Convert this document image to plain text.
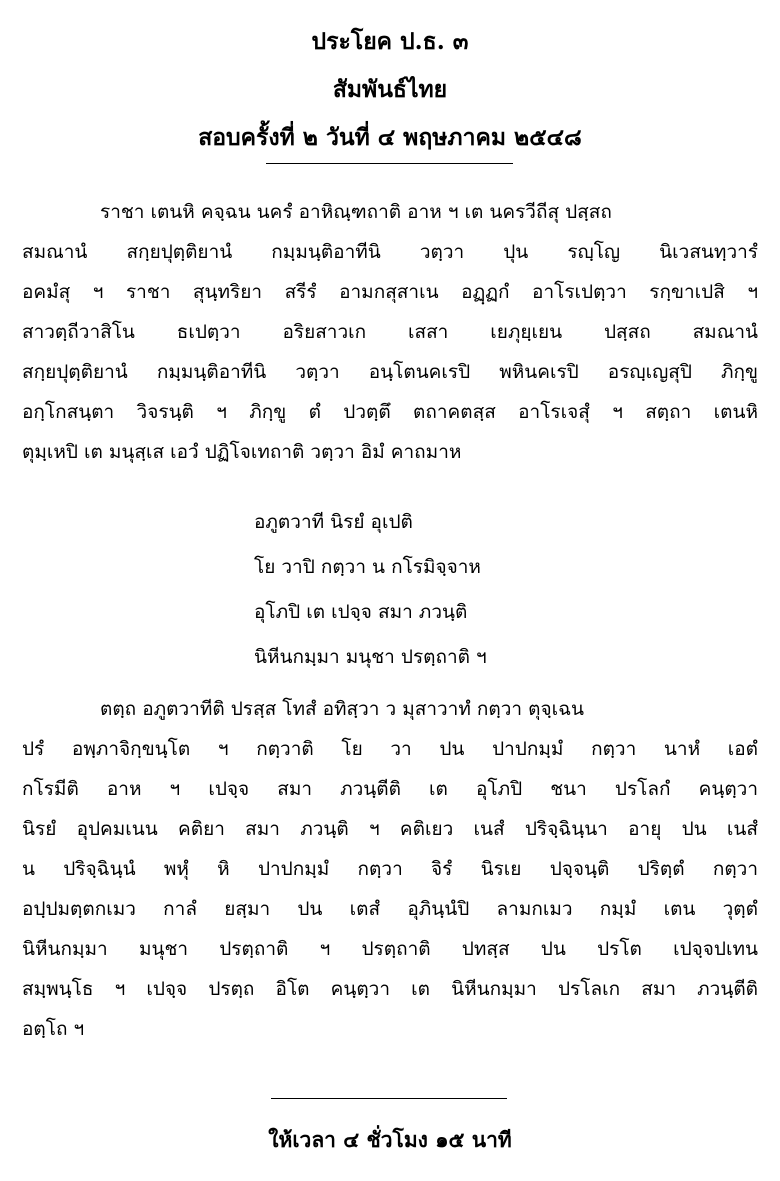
ประโยค ป.ธ. ๓
สัมพันธ์ไทย
สอบครั้งที่ ๒ วันที่ ๔ พฤษภาคม ๒๕๔๘
ราชา เตนหิ คจฺฉน นครํ อาหิณฺฑถาติ อาห ฯ เต นครวีถีสุ ปสฺสถ
สมณานํ สกฺยปุตฺติยานํ กมฺมนฺติอาทีนิ วตฺวา ปุน รญฺโญ นิเวสนทฺวารํ
อคมํสุ ฯ ราชา สุนฺทริยา สรีรํ อามกสุสาเน อฏฺฏกํ อาโรเปตฺวา รกฺขาเปสิ ฯ
สาวตฺถีวาสิโน ธเปตฺวา อริยสาวเก เสสา เยภุยฺเยน ปสฺสถ สมณานํ
สกฺยปุตฺติยานํ กมฺมนฺติอาทีนิ วตฺวา อนฺโตนคเรปิ พหินคเรปิ อรญฺเญสุปิ ภิกฺขู
อกฺโกสนฺตา วิจรนฺติ ฯ ภิกฺขู ตํ ปวตฺตึ ตถาคตสฺส อาโรเจสุํ ฯ สตฺถา เตนหิ
ตุมฺเหปิ เต มนุสฺเส เอวํ ปฏิโจเทถาติ วตฺวา อิมํ คาถมาห
อภูตวาที นิรยํ อุเปติ
โย วาปิ กตฺวา น กโรมิจฺจาห
อุโภปิ เต เปจฺจ สมา ภวนฺติ
นิหีนกมฺมา มนุชา ปรตฺถาติ ฯ
ตตฺถ อภูตวาทีติ ปรสฺส โทสํ อทิสฺวา ว มุสาวาทํ กตฺวา ตุจฺเฉน
ปรํ อพฺภาจิกฺขนฺโต ฯ กตฺวาติ โย วา ปน ปาปกมฺมํ กตฺวา นาหํ เอตํ
กโรมีติ อาห ฯ เปจฺจ สมา ภวนฺตีติ เต อุโภปิ ชนา ปรโลกํ คนฺตฺวา
นิรยํ อุปคมเนน คติยา สมา ภวนฺติ ฯ คติเยว เนสํ ปริจฺฉินฺนา อายุ ปน เนสํ
น ปริจฺฉินฺนํ พหุํ หิ ปาปกมฺมํ กตฺวา จิรํ นิรเย ปจฺจนฺติ ปริตฺตํ กตฺวา
อปฺปมตฺตกเมว กาลํ ยสฺมา ปน เตสํ อุภินฺนํปิ ลามกเมว กมฺมํ เตน วุตฺตํ
นิหีนกมฺมา มนุชา ปรตฺถาติ ฯ ปรตฺถาติ ปทสฺส ปน ปรโต เปจฺจปเทน
สมฺพนฺโธ ฯ เปจฺจ ปรตฺถ อิโต คนฺตฺวา เต นิหีนกมฺมา ปรโลเก สมา ภวนฺตีติ
อตฺโถ ฯ
ให้เวลา ๔ ชั่วโมง ๑๕ นาที
